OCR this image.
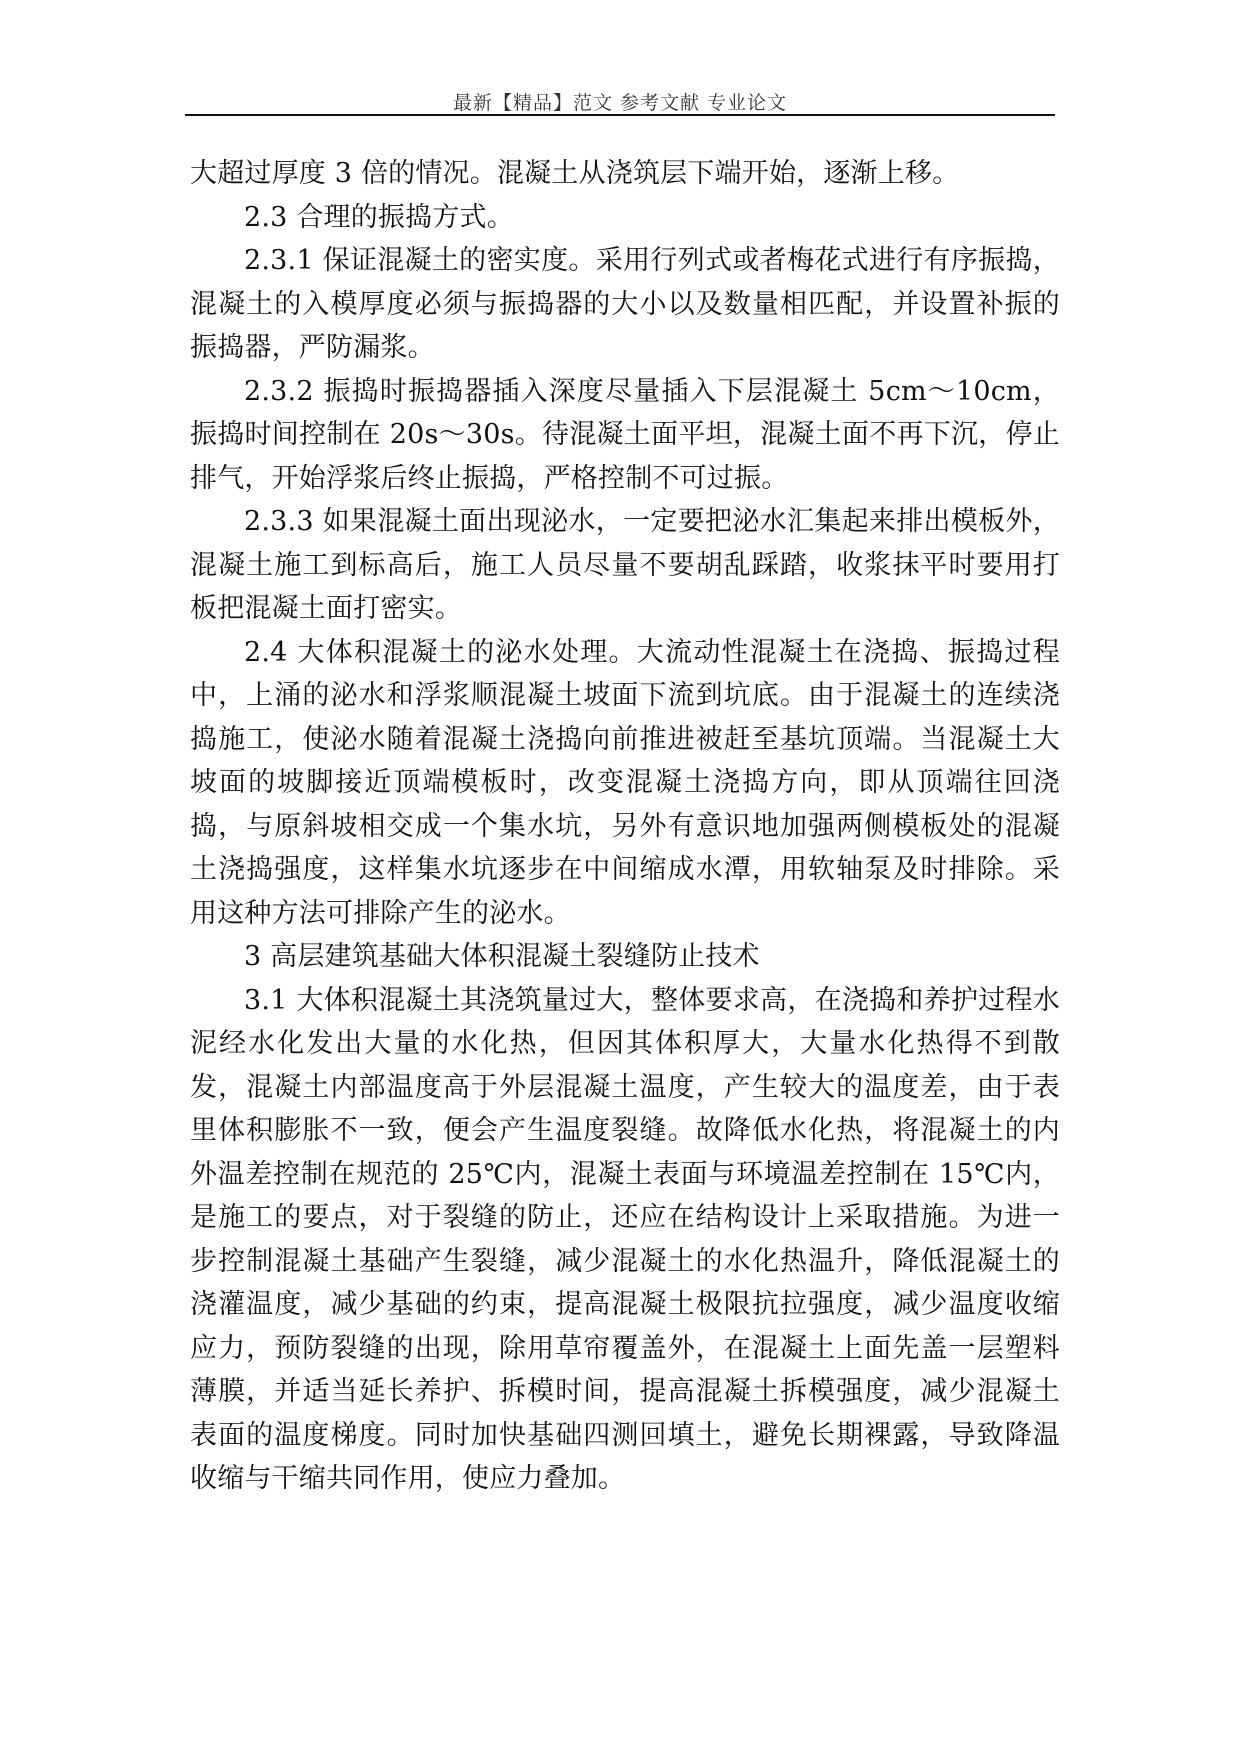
最新【精品】范文 参考文献 专业论文

大超过厚度 3 倍的情况。混凝土从浇筑层下端开始，逐渐上移。

2.3 合理的振捣方式。

2.3.1 保证混凝土的密实度。采用行列式或者梅花式进行有序振捣，混凝土的入模厚度必须与振捣器的大小以及数量相匹配，并设置补振的振捣器，严防漏浆。

2.3.2 振捣时振捣器插入深度尽量插入下层混凝土 5cm～10cm，振捣时间控制在 20s～30s。待混凝土面平坦，混凝土面不再下沉，停止排气，开始浮浆后终止振捣，严格控制不可过振。

2.3.3 如果混凝土面出现泌水，一定要把泌水汇集起来排出模板外，混凝土施工到标高后，施工人员尽量不要胡乱踩踏，收浆抹平时要用打板把混凝土面打密实。

2.4 大体积混凝土的泌水处理。大流动性混凝土在浇捣、振捣过程中，上涌的泌水和浮浆顺混凝土坡面下流到坑底。由于混凝土的连续浇捣施工，使泌水随着混凝土浇捣向前推进被赶至基坑顶端。当混凝土大坡面的坡脚接近顶端模板时，改变混凝土浇捣方向，即从顶端往回浇捣，与原斜坡相交成一个集水坑，另外有意识地加强两侧模板处的混凝土浇捣强度，这样集水坑逐步在中间缩成水潭，用软轴泵及时排除。采用这种方法可排除产生的泌水。

3 高层建筑基础大体积混凝土裂缝防止技术

3.1 大体积混凝土其浇筑量过大，整体要求高，在浇捣和养护过程水泥经水化发出大量的水化热，但因其体积厚大，大量水化热得不到散发，混凝土内部温度高于外层混凝土温度，产生较大的温度差，由于表里体积膨胀不一致，便会产生温度裂缝。故降低水化热，将混凝土的内外温差控制在规范的 25℃内，混凝土表面与环境温差控制在 15℃内，是施工的要点，对于裂缝的防止，还应在结构设计上采取措施。为进一步控制混凝土基础产生裂缝，减少混凝土的水化热温升，降低混凝土的浇灌温度，减少基础的约束，提高混凝土极限抗拉强度，减少温度收缩应力，预防裂缝的出现，除用草帘覆盖外，在混凝土上面先盖一层塑料薄膜，并适当延长养护、拆模时间，提高混凝土拆模强度，减少混凝土表面的温度梯度。同时加快基础四测回填土，避免长期裸露，导致降温收缩与干缩共同作用，使应力叠加。
